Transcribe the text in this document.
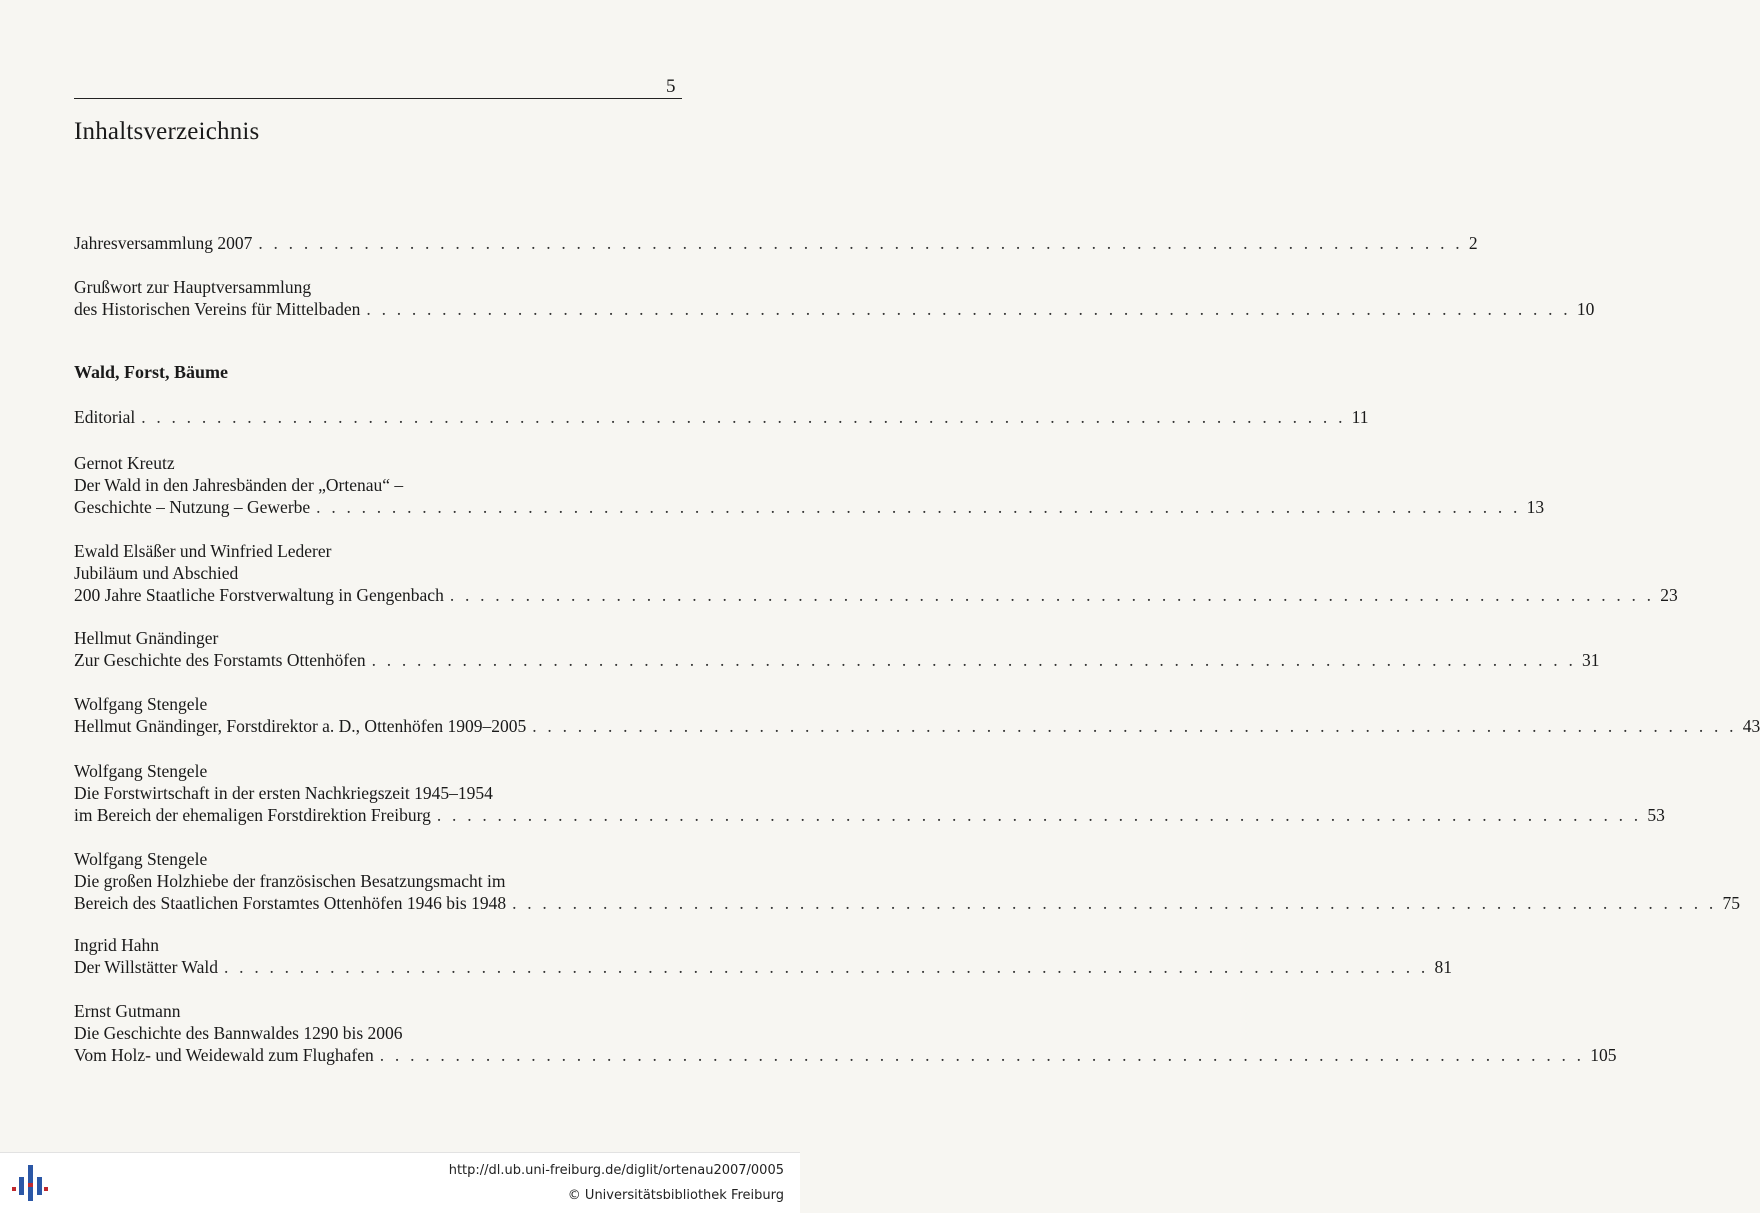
5
Inhaltsverzeichnis
Wald, Forst, Bäume
Jahresversammlung 2007 . . . . . . . . . . . . . . . . . . . . . . . . . . . . . . . . . . . . . . . . . . . . . . . . . . . . . . . . . . . . . . . . . . . . . . . . . . . . . . . . 2
Grußwort zur Hauptversammlung
des Historischen Vereins für Mittelbaden . . . . . . . . . . . . . . . . . . . . . . . . . . . . . . . . . . . . . . . . . . . . . . . . . . . . . . . . . . . . . . . . . . . . . . . . . . . . . . . . 10
Editorial . . . . . . . . . . . . . . . . . . . . . . . . . . . . . . . . . . . . . . . . . . . . . . . . . . . . . . . . . . . . . . . . . . . . . . . . . . . . . . . . 11
Gernot Kreutz
Der Wald in den Jahresbänden der „Ortenau“ –
Geschichte – Nutzung – Gewerbe . . . . . . . . . . . . . . . . . . . . . . . . . . . . . . . . . . . . . . . . . . . . . . . . . . . . . . . . . . . . . . . . . . . . . . . . . . . . . . . . 13
Ewald Elsäßer und Winfried Lederer
Jubiläum und Abschied
200 Jahre Staatliche Forstverwaltung in Gengenbach . . . . . . . . . . . . . . . . . . . . . . . . . . . . . . . . . . . . . . . . . . . . . . . . . . . . . . . . . . . . . . . . . . . . . . . . . . . . . . . . 23
Hellmut Gnändinger
Zur Geschichte des Forstamts Ottenhöfen . . . . . . . . . . . . . . . . . . . . . . . . . . . . . . . . . . . . . . . . . . . . . . . . . . . . . . . . . . . . . . . . . . . . . . . . . . . . . . . . 31
Wolfgang Stengele
Hellmut Gnändinger, Forstdirektor a. D., Ottenhöfen 1909–2005 . . . . . . . . . . . . . . . . . . . . . . . . . . . . . . . . . . . . . . . . . . . . . . . . . . . . . . . . . . . . . . . . . . . . . . . . . . . . . . . . 43
Wolfgang Stengele
Die Forstwirtschaft in der ersten Nachkriegszeit 1945–1954
im Bereich der ehemaligen Forstdirektion Freiburg . . . . . . . . . . . . . . . . . . . . . . . . . . . . . . . . . . . . . . . . . . . . . . . . . . . . . . . . . . . . . . . . . . . . . . . . . . . . . . . . 53
Wolfgang Stengele
Die großen Holzhiebe der französischen Besatzungsmacht im
Bereich des Staatlichen Forstamtes Ottenhöfen 1946 bis 1948 . . . . . . . . . . . . . . . . . . . . . . . . . . . . . . . . . . . . . . . . . . . . . . . . . . . . . . . . . . . . . . . . . . . . . . . . . . . . . . . . 75
Ingrid Hahn
Der Willstätter Wald . . . . . . . . . . . . . . . . . . . . . . . . . . . . . . . . . . . . . . . . . . . . . . . . . . . . . . . . . . . . . . . . . . . . . . . . . . . . . . . . 81
Ernst Gutmann
Die Geschichte des Bannwaldes 1290 bis 2006
Vom Holz- und Weidewald zum Flughafen . . . . . . . . . . . . . . . . . . . . . . . . . . . . . . . . . . . . . . . . . . . . . . . . . . . . . . . . . . . . . . . . . . . . . . . . . . . . . . . . 105
http://dl.ub.uni-freiburg.de/diglit/ortenau2007/0005
© Universitätsbibliothek Freiburg
